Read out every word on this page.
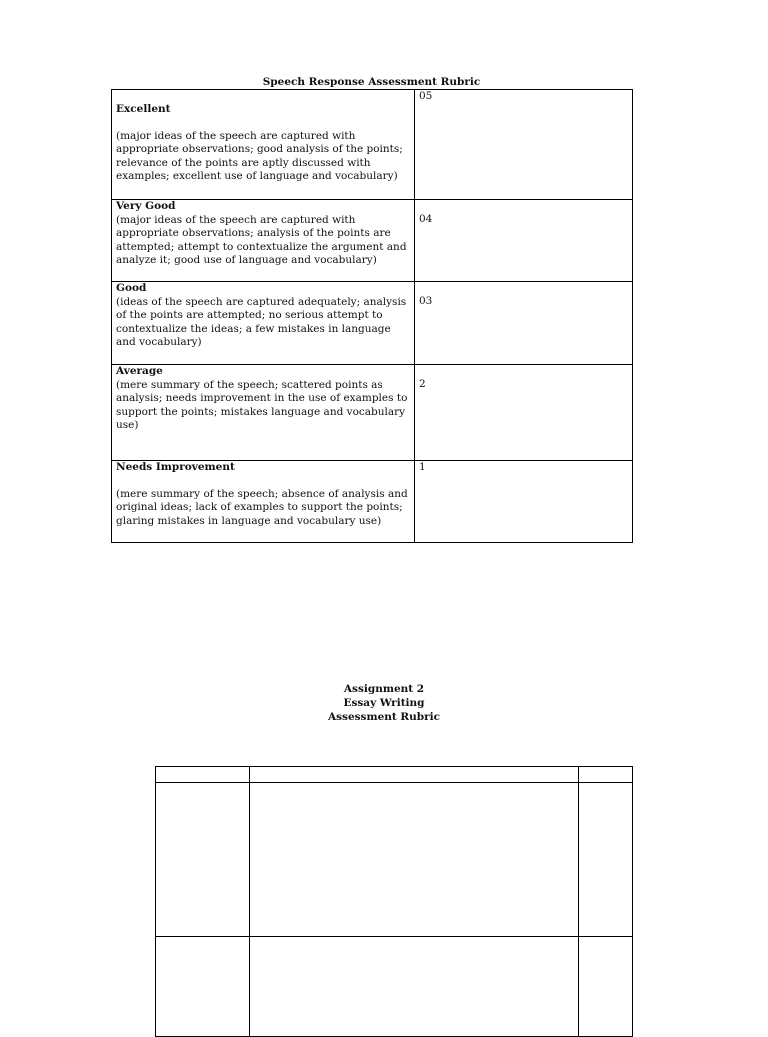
Speech Response Assessment Rubric
Excellent
(major ideas of the speech are captured with appropriate observations; good analysis of the points; relevance of the points are aptly discussed with examples; excellent use of language and vocabulary)	05

Very Good
(major ideas of the speech are captured with appropriate observations; analysis of the points are attempted; attempt to contextualize the argument and analyze it; good use of language and vocabulary)	04

Good
(ideas of the speech are captured adequately; analysis of the points are attempted; no serious attempt to contextualize the ideas; a few mistakes in language and vocabulary)	03

Average
(mere summary of the speech; scattered points as analysis; needs improvement in the use of examples to support the points; mistakes language and vocabulary use)	2

Needs Improvement
(mere summary of the speech; absence of analysis and original ideas; lack of examples to support the points; glaring mistakes in language and vocabulary use)	1
Assignment 2
Essay Writing
Assessment Rubric
